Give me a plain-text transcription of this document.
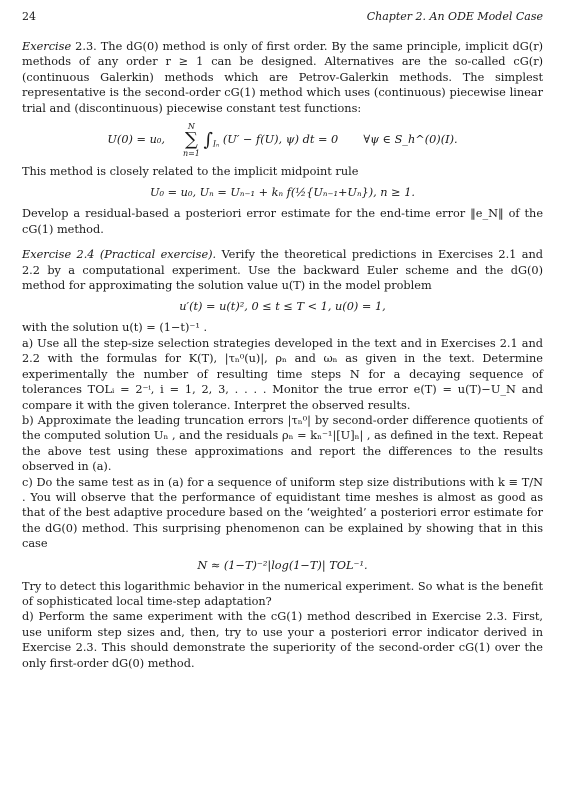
24	Chapter 2. An ODE Model Case

Exercise 2.3. The dG(0) method is only of first order. By the same principle, implicit dG(r) methods of any order r ≥ 1 can be designed. Alternatives are the so-called cG(r) (continuous Galerkin) methods which are Petrov-Galerkin methods. The simplest representative is the second-order cG(1) method which uses (continuous) piecewise linear trial and (discontinuous) piecewise constant test functions:

U(0) = u₀,
N
∑
n=1
$\int_{I_n}$ (U′ − f(U), ψ) dt = 0 ∀ψ ∈ S_h^(0)(I).

This method is closely related to the implicit midpoint rule

U₀ = u₀, Uₙ = Uₙ₋₁ + kₙ f(½{Uₙ₋₁+Uₙ}), n ≥ 1.

Develop a residual-based a posteriori error estimate for the end-time error ‖e_N‖ of the cG(1) method.

Exercise 2.4 (Practical exercise). Verify the theoretical predictions in Exercises 2.1 and 2.2 by a computational experiment. Use the backward Euler scheme and the dG(0) method for approximating the solution value u(T) in the model problem

u′(t) = u(t)², 0 ≤ t ≤ T < 1, u(0) = 1,

with the solution u(t) = (1−t)⁻¹ .

a) Use all the step-size selection strategies developed in the text and in Exercises 2.1 and 2.2 with the formulas for K(T), |τₙ⁰(u)|, ρₙ and ωₙ as given in the text. Determine experimentally the number of resulting time steps N for a decaying sequence of tolerances TOLᵢ = 2⁻ⁱ, i = 1, 2, 3, . . . . Monitor the true error e(T) = u(T)−U_N and compare it with the given tolerance. Interpret the observed results.

b) Approximate the leading truncation errors |τₙ⁰| by second-order difference quotients of the computed solution Uₙ , and the residuals ρₙ = kₙ⁻¹|[U]ₙ| , as defined in the text. Repeat the above test using these approximations and report the differences to the results observed in (a).

c) Do the same test as in (a) for a sequence of uniform step size distributions with k ≡ T/N . You will observe that the performance of equidistant time meshes is almost as good as that of the best adaptive procedure based on the ‘weighted’ a posteriori error estimate for the dG(0) method. This surprising phenomenon can be explained by showing that in this case

N ≈ (1−T)⁻²|log(1−T)| TOL⁻¹.

Try to detect this logarithmic behavior in the numerical experiment. So what is the benefit of sophisticated local time-step adaptation?

d) Perform the same experiment with the cG(1) method described in Exercise 2.3. First, use uniform step sizes and, then, try to use your a posteriori error indicator derived in Exercise 2.3. This should demonstrate the superiority of the second-order cG(1) over the only first-order dG(0) method.
